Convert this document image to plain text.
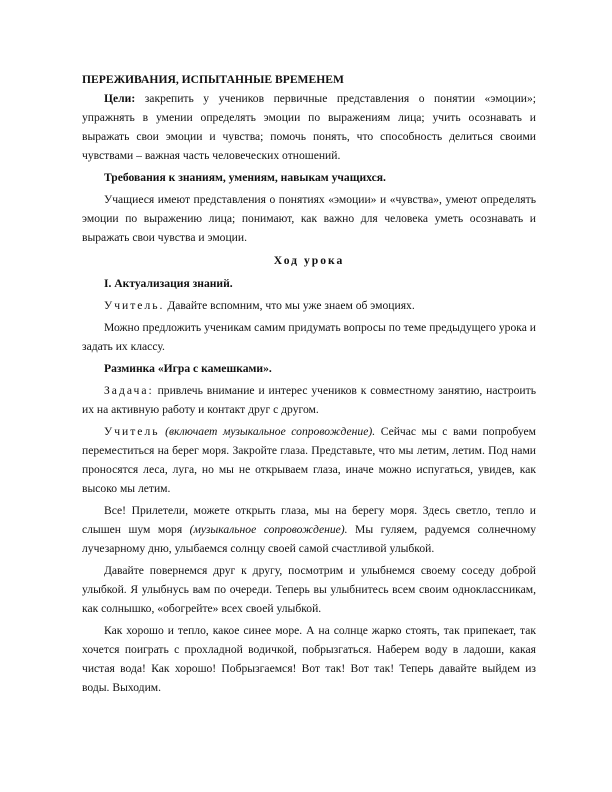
ПЕРЕЖИВАНИЯ, ИСПЫТАННЫЕ ВРЕМЕНЕМ

Цели: закрепить у учеников первичные представления о понятии «эмоции»; упражнять в умении определять эмоции по выражениям лица; учить осознавать и выражать свои эмоции и чувства; помочь понять, что способность делиться своими чувствами – важная часть человеческих отношений.

Требования к знаниям, умениям, навыкам учащихся.

Учащиеся имеют представления о понятиях «эмоции» и «чувства», умеют определять эмоции по выражению лица; понимают, как важно для человека уметь осознавать и выражать свои чувства и эмоции.

Ход урока

I. Актуализация знаний.

Учитель. Давайте вспомним, что мы уже знаем об эмоциях.

Можно предложить ученикам самим придумать вопросы по теме предыдущего урока и задать их классу.

Разминка «Игра с камешками».

Задача: привлечь внимание и интерес учеников к совместному занятию, настроить их на активную работу и контакт друг с другом.

Учитель (включает музыкальное сопровождение). Сейчас мы с вами попробуем переместиться на берег моря. Закройте глаза. Представьте, что мы летим, летим. Под нами проносятся леса, луга, но мы не открываем глаза, иначе можно испугаться, увидев, как высоко мы летим.

Все! Прилетели, можете открыть глаза, мы на берегу моря. Здесь светло, тепло и слышен шум моря (музыкальное сопровождение). Мы гуляем, радуемся солнечному лучезарному дню, улыбаемся солнцу своей самой счастливой улыбкой.

Давайте повернемся друг к другу, посмотрим и улыбнемся своему соседу доброй улыбкой. Я улыбнусь вам по очереди. Теперь вы улыбнитесь всем своим одноклассникам, как солнышко, «обогрейте» всех своей улыбкой.

Как хорошо и тепло, какое синее море. А на солнце жарко стоять, так припекает, так хочется поиграть с прохладной водичкой, побрызгаться. Наберем воду в ладоши, какая чистая вода! Как хорошо! Побрызгаемся! Вот так! Вот так! Теперь давайте выйдем из воды. Выходим.
